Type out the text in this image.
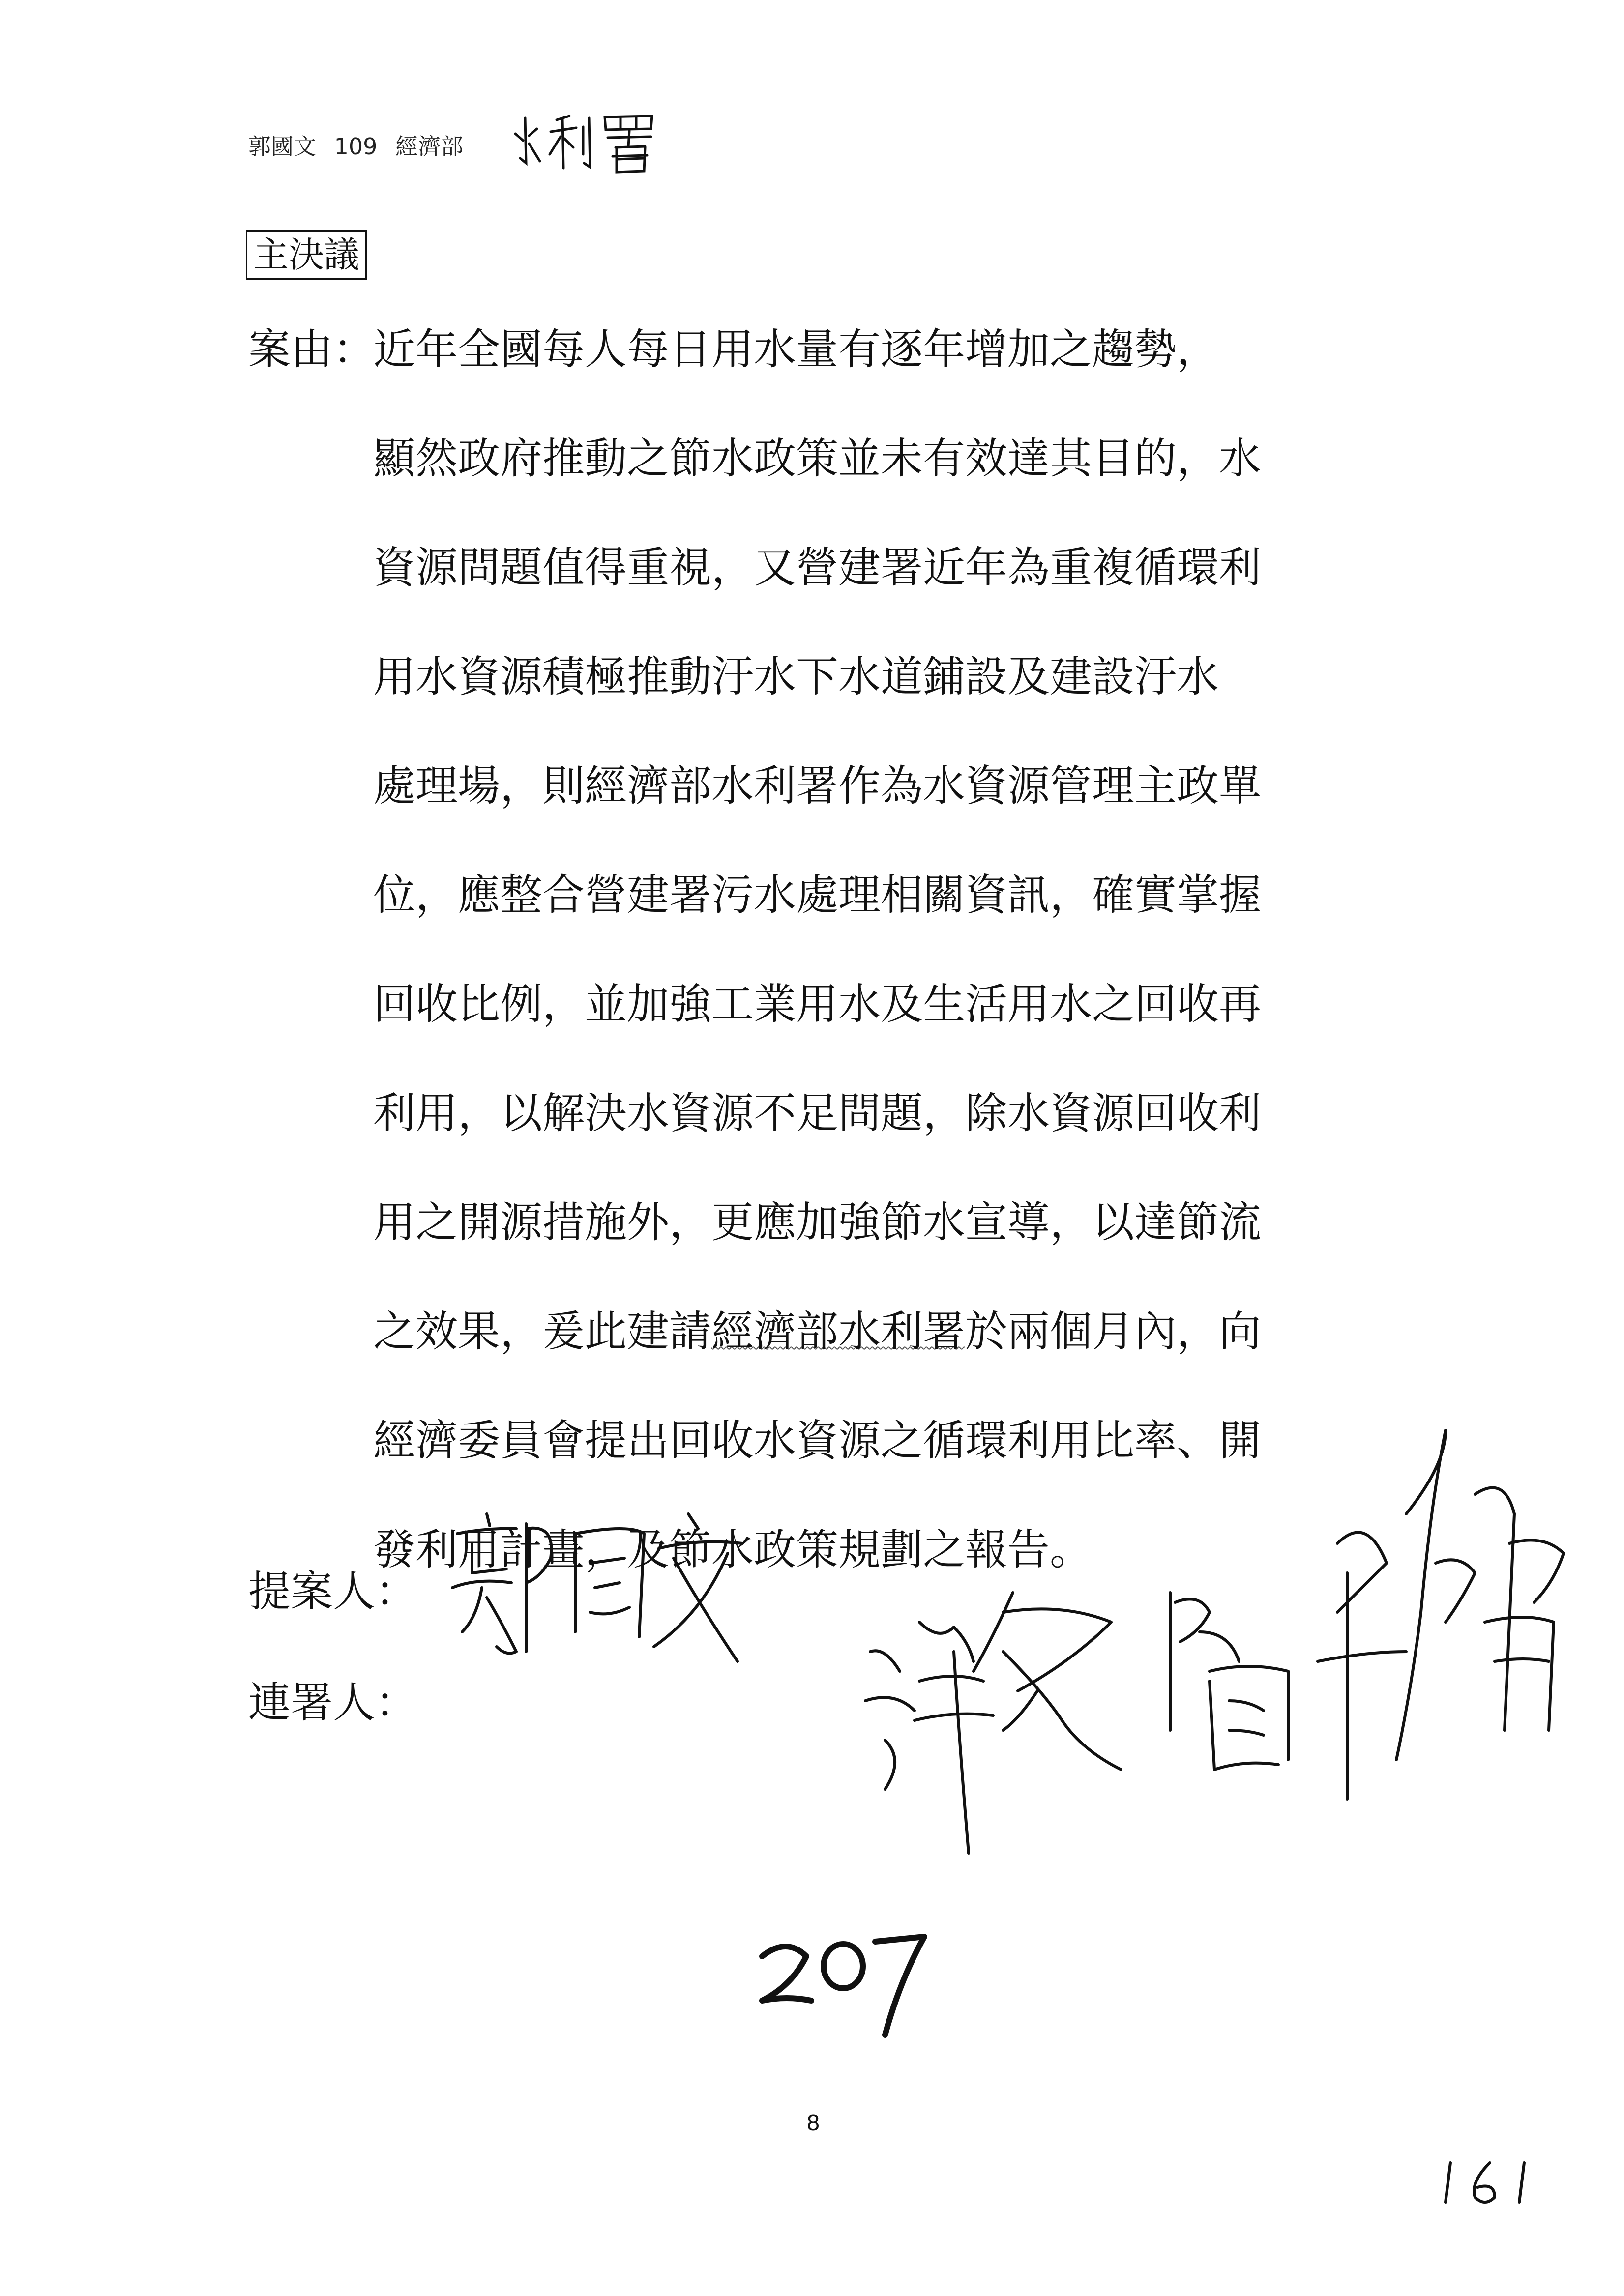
郭國文 109 經濟部
主決議
案由：近年全國每人每日用水量有逐年增加之趨勢，
顯然政府推動之節水政策並未有效達其目的，水
資源問題值得重視，又營建署近年為重複循環利
用水資源積極推動汙水下水道鋪設及建設汙水
處理場，則經濟部水利署作為水資源管理主政單
位，應整合營建署污水處理相關資訊，確實掌握
回收比例，並加強工業用水及生活用水之回收再
利用，以解決水資源不足問題，除水資源回收利
用之開源措施外，更應加強節水宣導，以達節流
之效果，爰此建請經濟部水利署於兩個月內，向
經濟委員會提出回收水資源之循環利用比率、開
發利用計畫，及節水政策規劃之報告。
提案人：
連署人：
8
